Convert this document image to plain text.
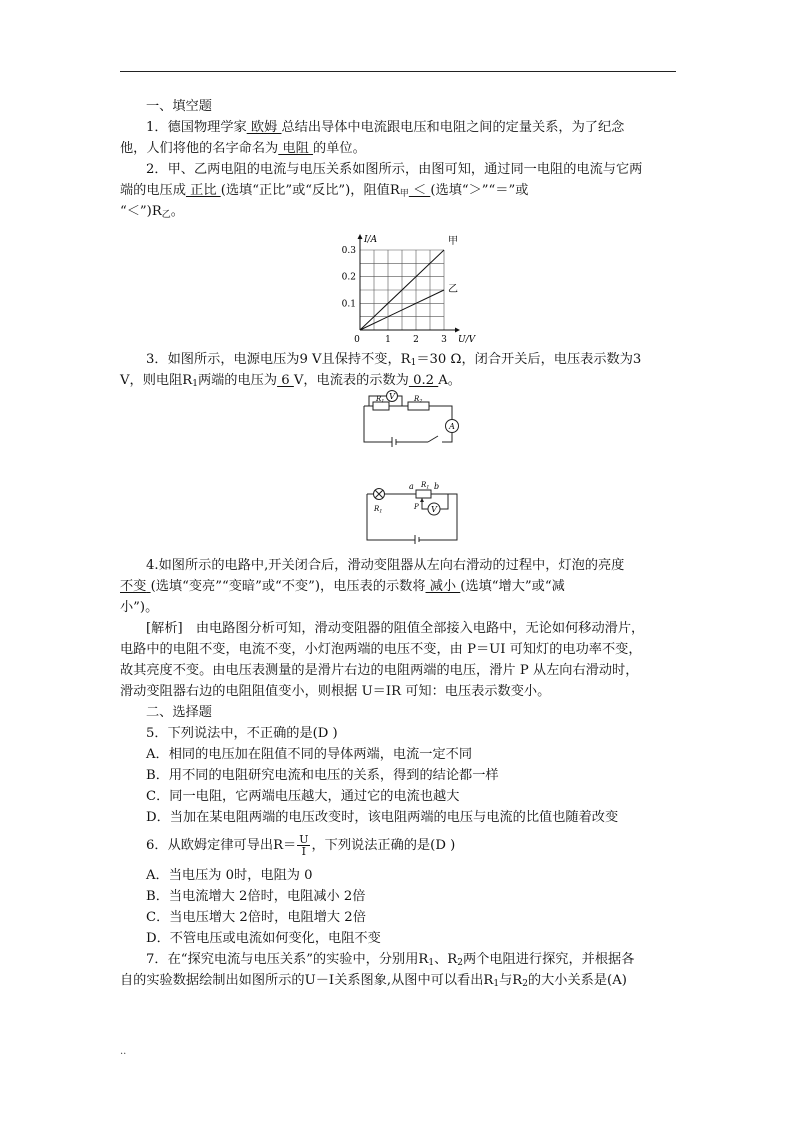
一、填空题
1．德国物理学家 欧姆 总结出导体中电流跟电压和电阻之间的定量关系，为了纪念
他，人们将他的名字命名为 电阻 的单位。
2．甲、乙两电阻的电流与电压关系如图所示，由图可知，通过同一电阻的电流与它两
端的电压成 正比 (选填“正比”或“反比”)，阻值$R_甲$ ＜ (选填“＞”“＝”或
“$<”)R_乙$。
0	1 2 3
0.1
0.2
0.3
U/V
I/A	甲
乙
3．如图所示，电源电压为9 V且保持不变，$R_1=30$ Ω，闭合开关后，电压表示数为3
V，则电阻$R_1$两端的电压为 6 V，电流表的示数为 0.2 A。
V
A
$R_1$	$R_2$
V
a	b
$R_1$
P
$R_1$
4.如图所示的电路中,开关闭合后，滑动变阻器从左向右滑动的过程中，灯泡的亮度
不变 (选填“变亮”“变暗”或“不变”)，电压表的示数将 减小 (选填“增大”或“减
小”)。
[解析]　由电路图分析可知，滑动变阻器的阻值全部接入电路中，无论如何移动滑片，
电路中的电阻不变，电流不变，小灯泡两端的电压不变，由 P＝UI 可知灯的电功率不变，
故其亮度不变。由电压表测量的是滑片右边的电阻两端的电压，滑片 P 从左向右滑动时，
滑动变阻器右边的电阻阻值变小，则根据 U＝IR 可知：电压表示数变小。
二、选择题
5．下列说法中，不正确的是(D )
A．相同的电压加在阻值不同的导体两端，电流一定不同
B．用不同的电阻研究电流和电压的关系，得到的结论都一样
C．同一电阻，它两端电压越大，通过它的电流也越大
D．当加在某电阻两端的电压改变时，该电阻两端的电压与电流的比值也随着改变
6．从欧姆定律可导出$R= \frac{U}{I}$ ，下列说法正确的是(D )
A．当电压为 0时，电阻为 0
B．当电流增大 2倍时，电阻减小 2倍
C．当电压增大 2倍时，电阻增大 2倍
D．不管电压或电流如何变化，电阻不变
7．在“探究电流与电压关系”的实验中，分别用$R_1$、$R_2$两个电阻进行探究，并根据各
自的实验数据绘制出如图所示的U－I关系图象,从图中可以看出$R_1$与$R_2$的大小关系是(A)
..
